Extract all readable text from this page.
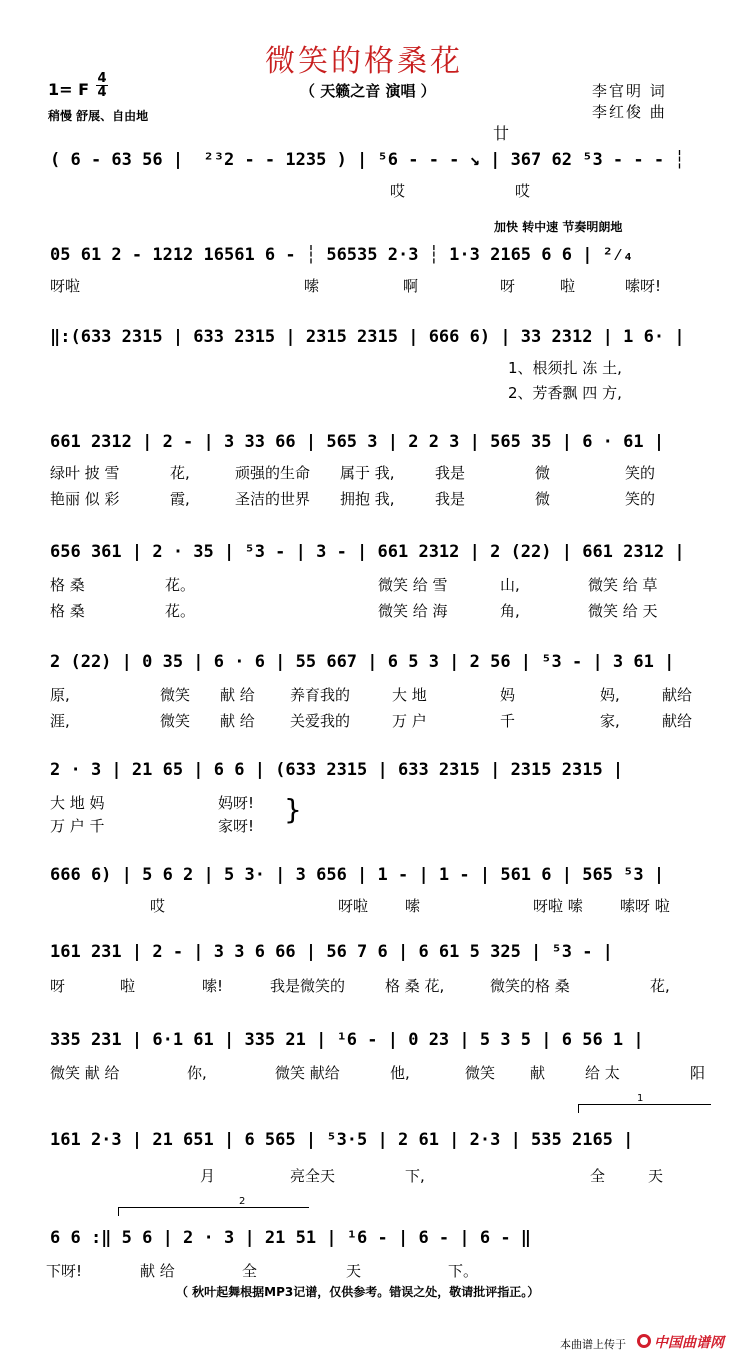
微笑的格桑花
1= F
4
4
稍慢 舒展、自由地
（ 天籁之音 演唱 ）	李官明 词
李红俊 曲
廿

( 6 - 63 56 |  ²³2 - - 1235 ) | ⁵6 - - - ↘ | 367 62 ⁵3 - - - ┆

哎	哎
加快 转中速 节奏明朗地

05 61 2 - 1212 16561 6 - ┆ 56535 2·3 ┆ 1·3 2165 6 6 | ²⁄₄

呀啦	嗦	啊	呀	啦	嗦呀!

‖:(633 2315 | 633 2315 | 2315 2315 | 666 6) | 33 2312 | 1 6· |

1、根须扎 冻 土,
2、芳香飘 四 方,

661 2312 | 2 - | 3 33 66 | 565 3 | 2 2 3 | 565 35 | 6 · 61 |

绿叶 披 雪	花,	顽强的生命 属于 我,	我是	微	笑的
艳丽 似 彩	霞,	圣洁的世界 拥抱 我,	我是	微	笑的

656 361 | 2 · 35 | ⁵3 - | 3 - | 661 2312 | 2 (22) | 661 2312 |

格 桑	花。	微笑 给 雪	山,	微笑 给 草
格 桑	花。	微笑 给 海	角,	微笑 给 天

2 (22) | 0 35 | 6 · 6 | 55 667 | 6 5 3 | 2 56 | ⁵3 - | 3 61 |

原,	微笑 献 给 养育我的	大 地	妈	妈,	献给
涯,	微笑 献 给 关爱我的	万 户	千	家,	献给

2 · 3 | 21 65 | 6 6 | (633 2315 | 633 2315 | 2315 2315 |

大 地 妈	妈呀!
万 户 千	家呀! }

666 6) | 5 6 2 | 5 3· | 3 656 | 1 - | 1 - | 561 6 | 565 ⁵3 |

哎	呀啦 嗦	呀啦 嗦 嗦呀 啦

161 231 | 2 - | 3 3 6 66 | 56 7 6 | 6 61 5 325 | ⁵3 - |

呀	啦	嗦!	我是微笑的	格 桑 花,	微笑的格 桑	花,

335 231 | 6·1 61 | 335 21 | ¹6 - | 0 23 | 5 3 5 | 6 56 1 |

微笑 献 给	你,	微笑 献给	他,	微笑 献	给 太	阳
1

161 2·3 | 21 651 | 6 565 | ⁵3·5 | 2 61 | 2·3 | 535 2165 |

月	亮全天	下,	全	天
2

6 6 :‖ 5 6 | 2 · 3 | 21 51 | ¹6 - | 6 - | 6 - ‖

下呀!	献 给	全	天	下。
（ 秋叶起舞根据MP3记谱，仅供参考。错误之处，敬请批评指正。）
本曲谱上传于 中国曲谱网
